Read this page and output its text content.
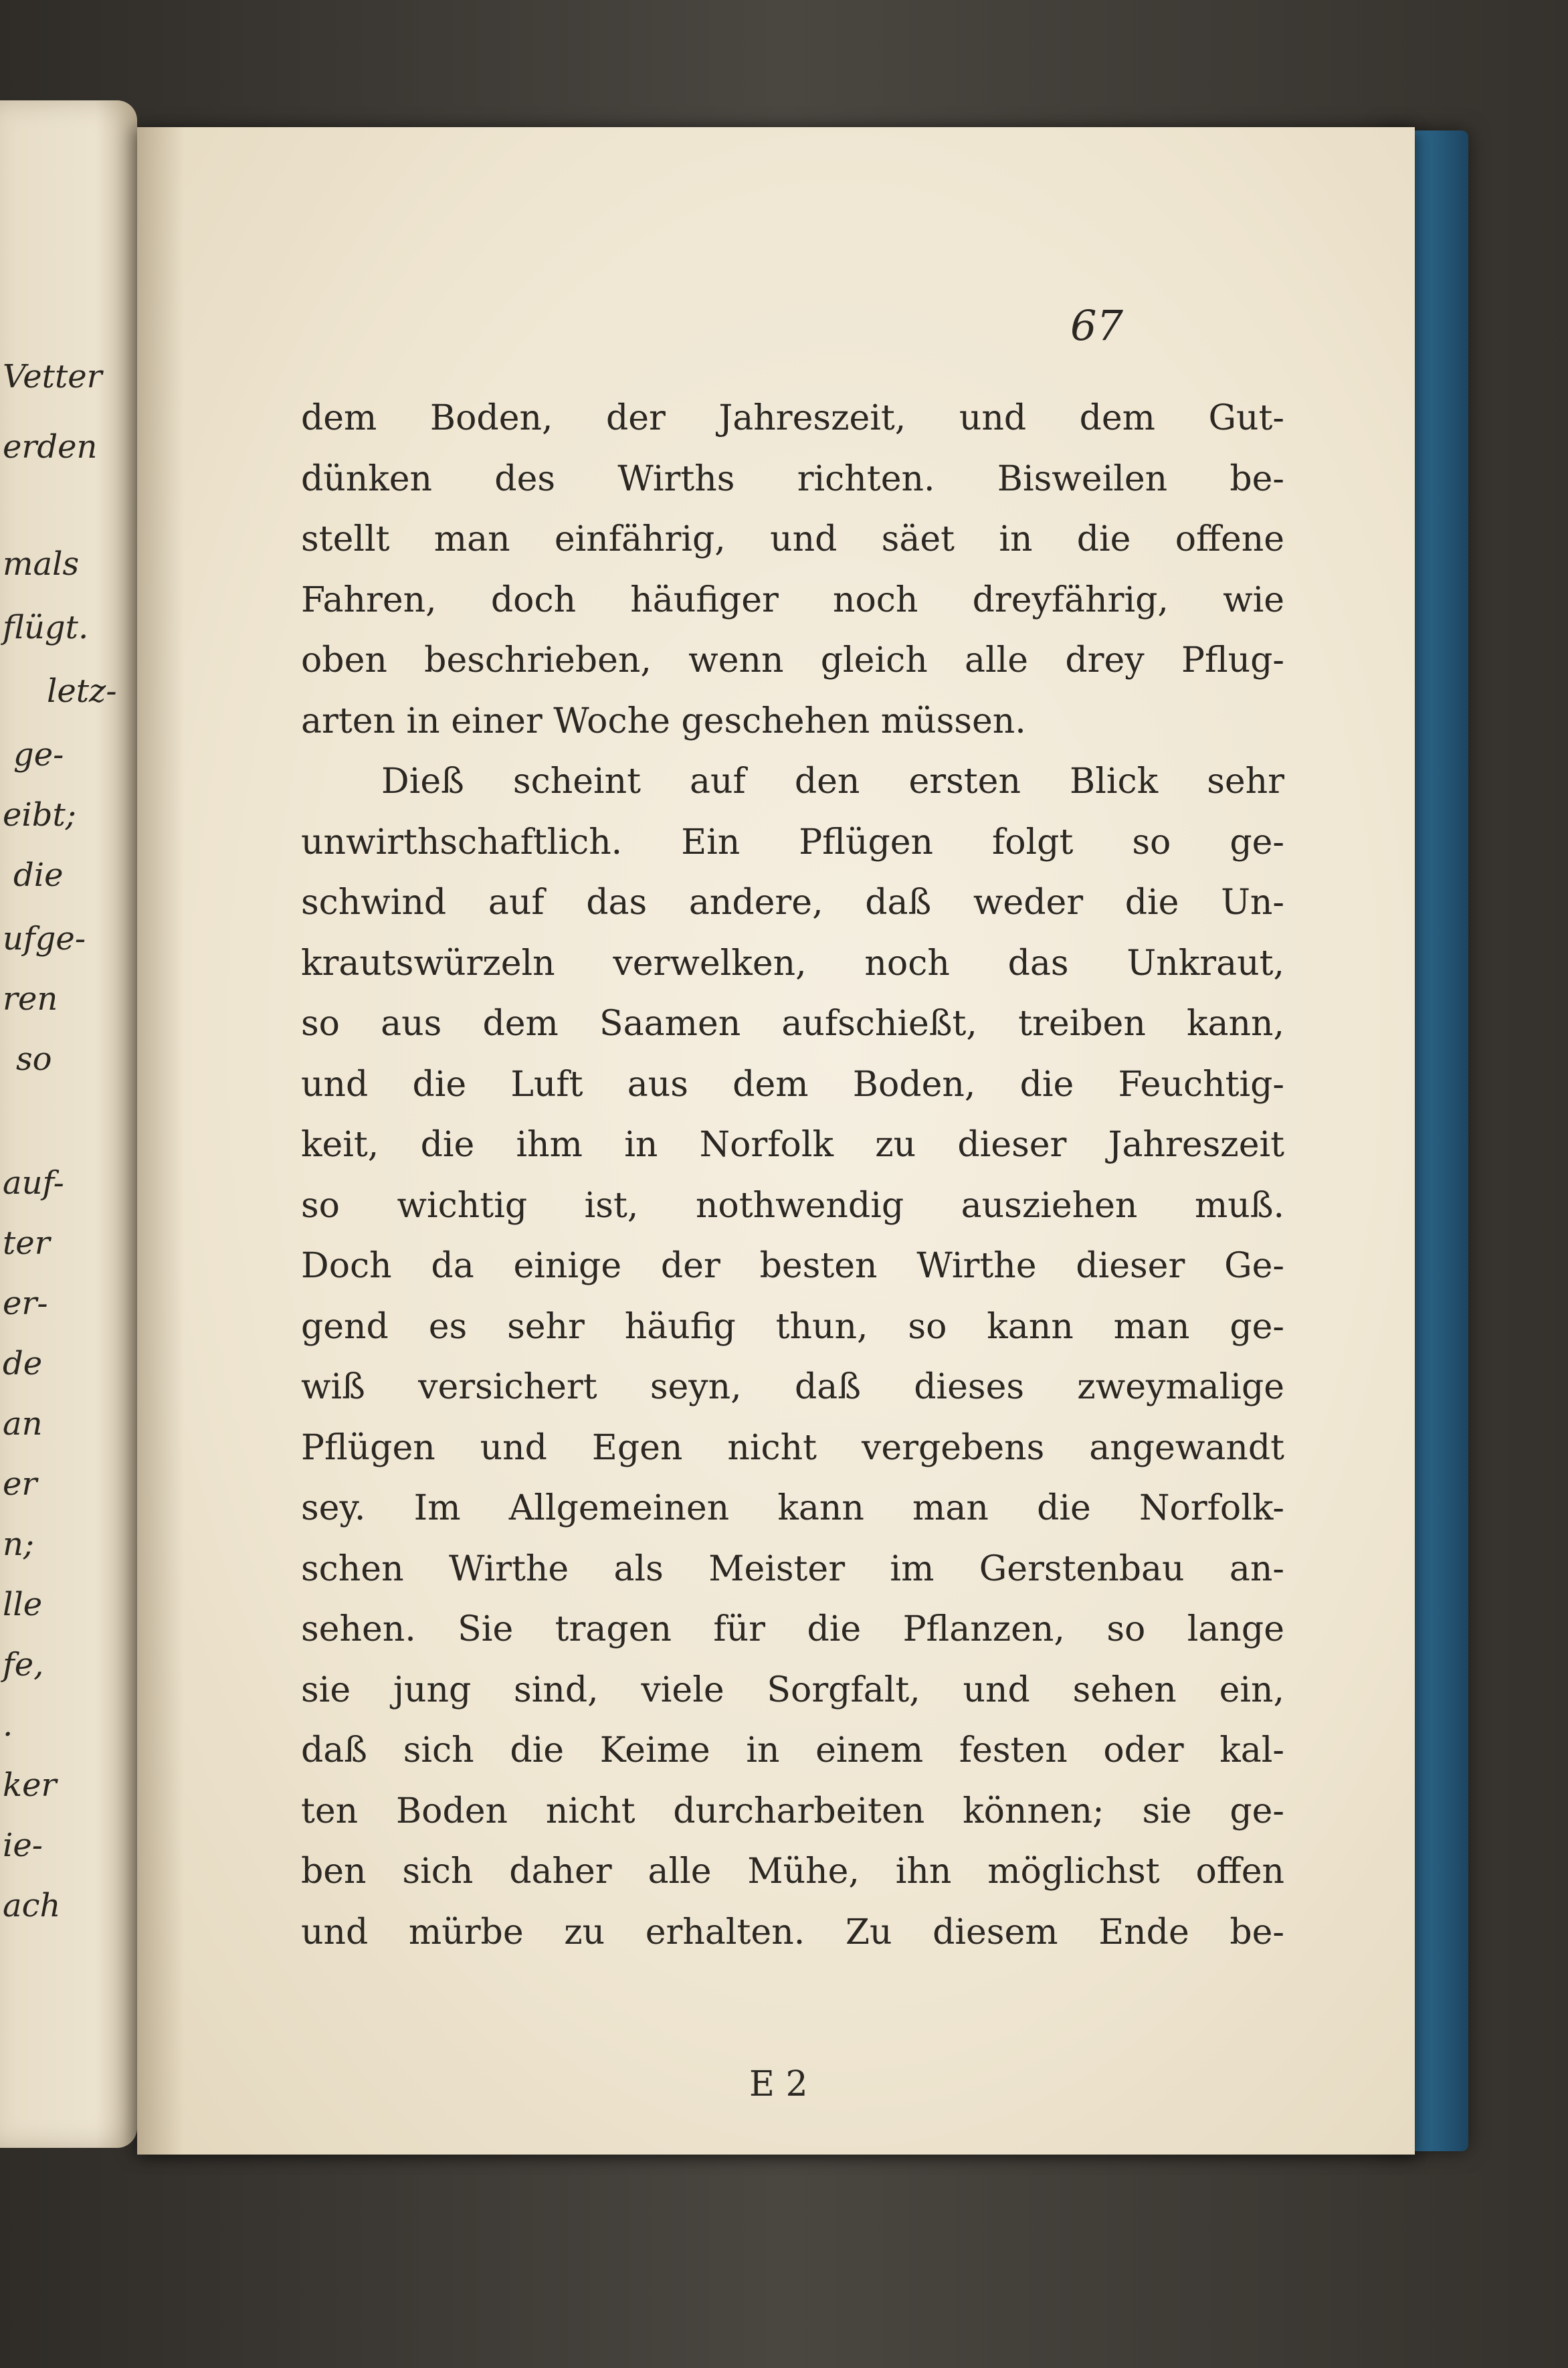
Vetter
erden
mals
flügt.
letz-
ge-
eibt;
die
ufge-
ren
so
auf-
ter
er-
de
an
er
n;
lle
fe,
.
ker
ie-
ach
67
dem Boden, der Jahreszeit, und dem Gut-
dünken des Wirths richten. Bisweilen be-
stellt man einfährig, und säet in die offene
Fahren, doch häufiger noch dreyfährig, wie
oben beschrieben, wenn gleich alle drey Pflug-
arten in einer Woche geschehen müssen.
Dieß scheint auf den ersten Blick sehr
unwirthschaftlich. Ein Pflügen folgt so ge-
schwind auf das andere, daß weder die Un-
krautswürzeln verwelken, noch das Unkraut,
so aus dem Saamen aufschießt, treiben kann,
und die Luft aus dem Boden, die Feuchtig-
keit, die ihm in Norfolk zu dieser Jahreszeit
so wichtig ist, nothwendig ausziehen muß.
Doch da einige der besten Wirthe dieser Ge-
gend es sehr häufig thun, so kann man ge-
wiß versichert seyn, daß dieses zweymalige
Pflügen und Egen nicht vergebens angewandt
sey. Im Allgemeinen kann man die Norfolk-
schen Wirthe als Meister im Gerstenbau an-
sehen. Sie tragen für die Pflanzen, so lange
sie jung sind, viele Sorgfalt, und sehen ein,
daß sich die Keime in einem festen oder kal-
ten Boden nicht durcharbeiten können; sie ge-
ben sich daher alle Mühe, ihn möglichst offen
und mürbe zu erhalten. Zu diesem Ende be-
E 2
